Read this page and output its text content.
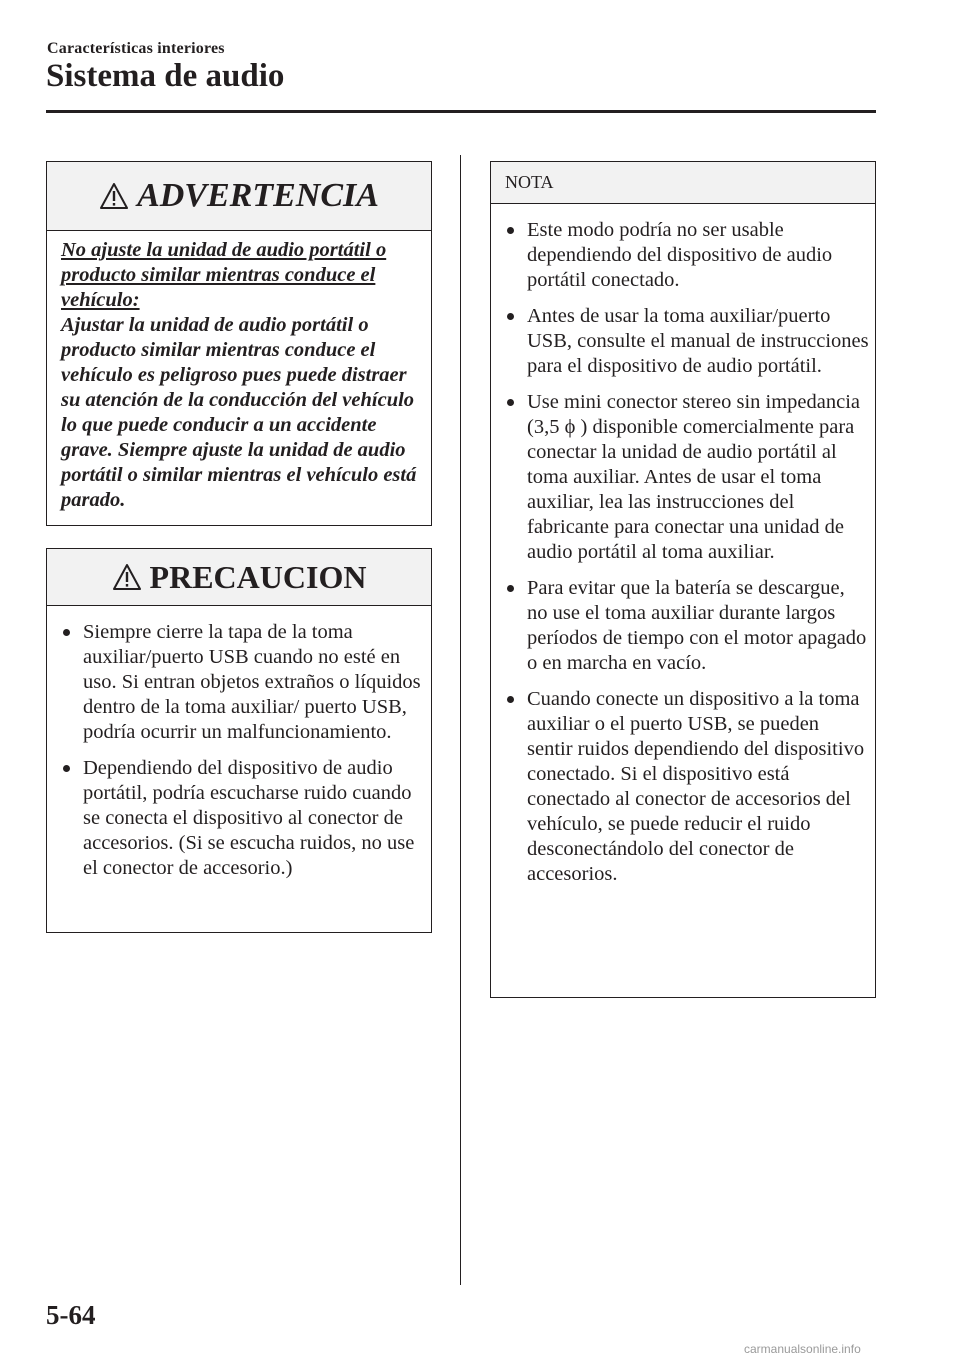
Características interiores
Sistema de audio
ADVERTENCIA
No ajuste la unidad de audio portátil o producto similar mientras conduce el vehículo:
Ajustar la unidad de audio portátil o producto similar mientras conduce el vehículo es peligroso pues puede distraer su atención de la conducción del vehículo lo que puede conducir a un accidente grave. Siempre ajuste la unidad de audio portátil o similar mientras el vehículo está parado.
PRECAUCION
Siempre cierre la tapa de la toma auxiliar/puerto USB cuando no esté en uso. Si entran objetos extraños o líquidos dentro de la toma auxiliar/ puerto USB, podría ocurrir un malfuncionamiento.
Dependiendo del dispositivo de audio portátil, podría escucharse ruido cuando se conecta el dispositivo al conector de accesorios. (Si se escucha ruidos, no use el conector de accesorio.)
NOTA
Este modo podría no ser usable dependiendo del dispositivo de audio portátil conectado.
Antes de usar la toma auxiliar/puerto USB, consulte el manual de instrucciones para el dispositivo de audio portátil.
Use mini conector stereo sin impedancia (3,5 ϕ ) disponible comercialmente para conectar la unidad de audio portátil al toma auxiliar. Antes de usar el toma auxiliar, lea las instrucciones del fabricante para conectar una unidad de audio portátil al toma auxiliar.
Para evitar que la batería se descargue, no use el toma auxiliar durante largos períodos de tiempo con el motor apagado o en marcha en vacío.
Cuando conecte un dispositivo a la toma auxiliar o el puerto USB, se pueden sentir ruidos dependiendo del dispositivo conectado. Si el dispositivo está conectado al conector de accesorios del vehículo, se puede reducir el ruido desconectándolo del conector de accesorios.
5-64
carmanualsonline.info
